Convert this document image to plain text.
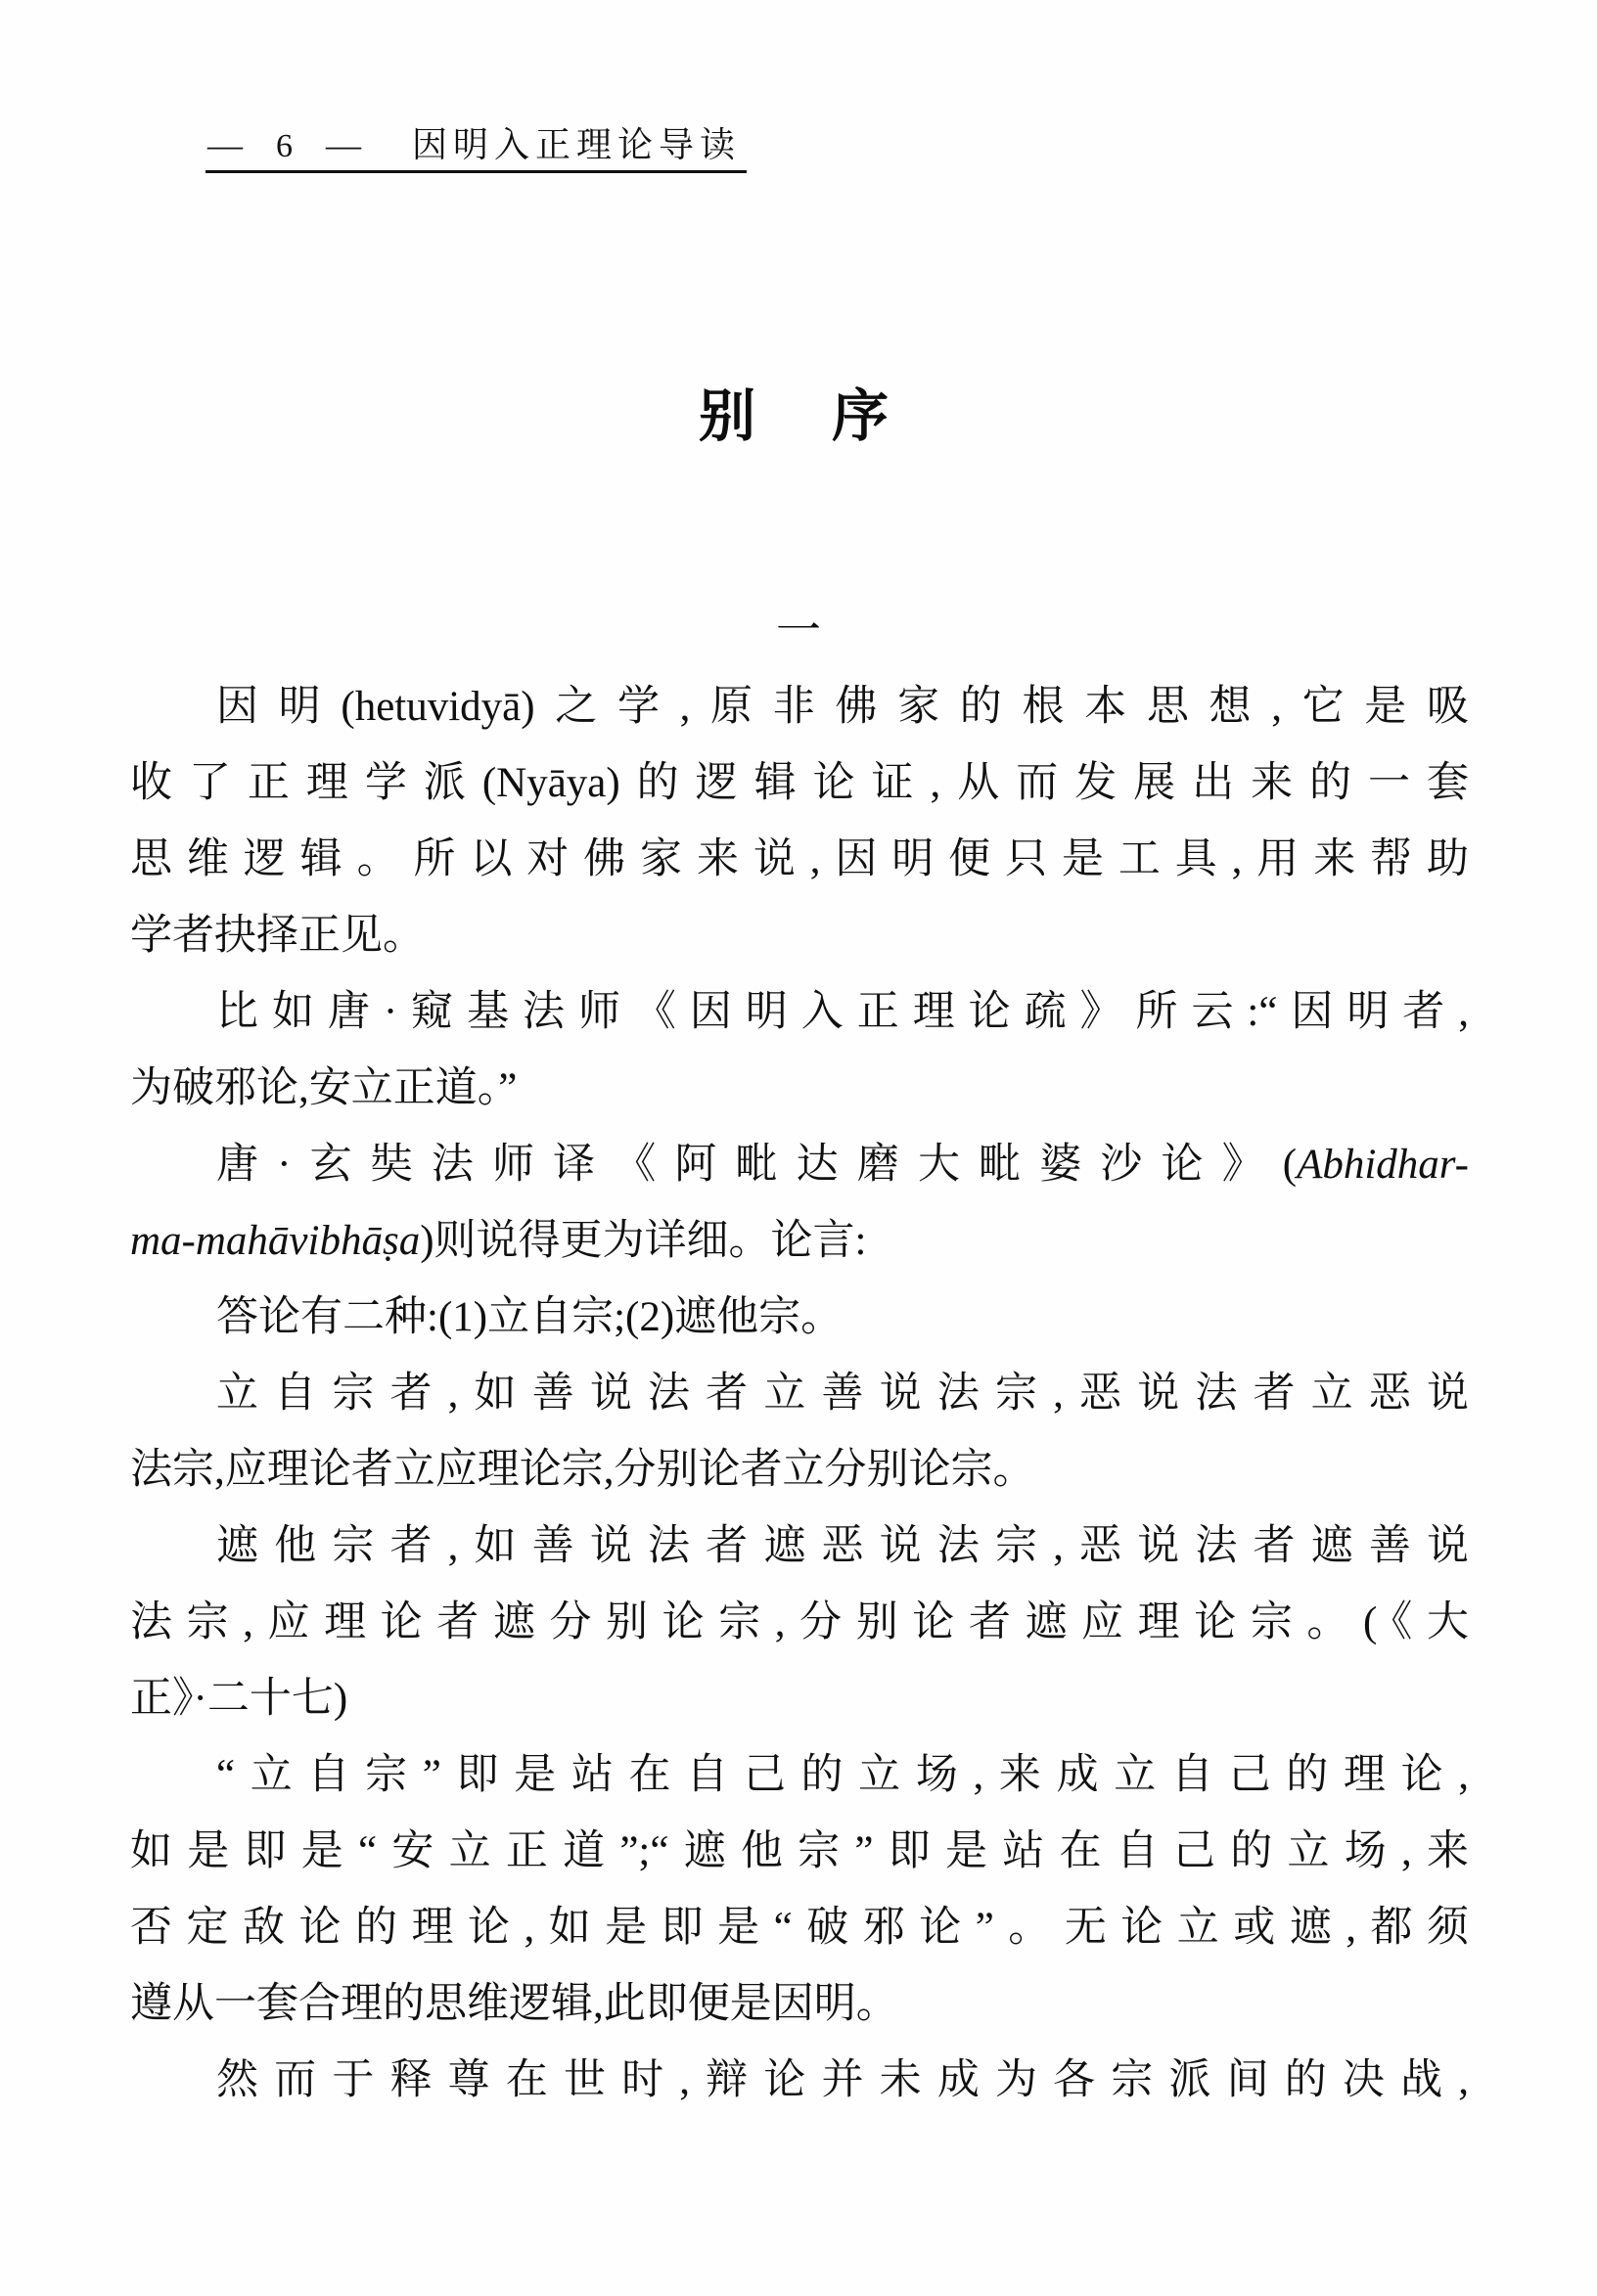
— 6 — 因明入正理论导读
别　序
一
因明(hetuvidyā)之学,原非佛家的根本思想,它是吸
收了正理学派(Nyāya)的逻辑论证,从而发展出来的一套
思维逻辑。所以对佛家来说,因明便只是工具,用来帮助
学者抉择正见。
比如唐·窥基法师《因明入正理论疏》所云:“因明者,
为破邪论,安立正道。”
唐·玄奘法师译《阿毗达磨大毗婆沙论》(Abhidhar-
ma-mahāvibhāṣa)则说得更为详细。论言:
答论有二种:(1)立自宗;(2)遮他宗。
立自宗者,如善说法者立善说法宗,恶说法者立恶说
法宗,应理论者立应理论宗,分别论者立分别论宗。
遮他宗者,如善说法者遮恶说法宗,恶说法者遮善说
法宗,应理论者遮分别论宗,分别论者遮应理论宗。(《大
正》·二十七)
“立自宗”即是站在自己的立场,来成立自己的理论,
如是即是“安立正道”;“遮他宗”即是站在自己的立场,来
否定敌论的理论,如是即是“破邪论”。无论立或遮,都须
遵从一套合理的思维逻辑,此即便是因明。
然而于释尊在世时,辩论并未成为各宗派间的决战,
